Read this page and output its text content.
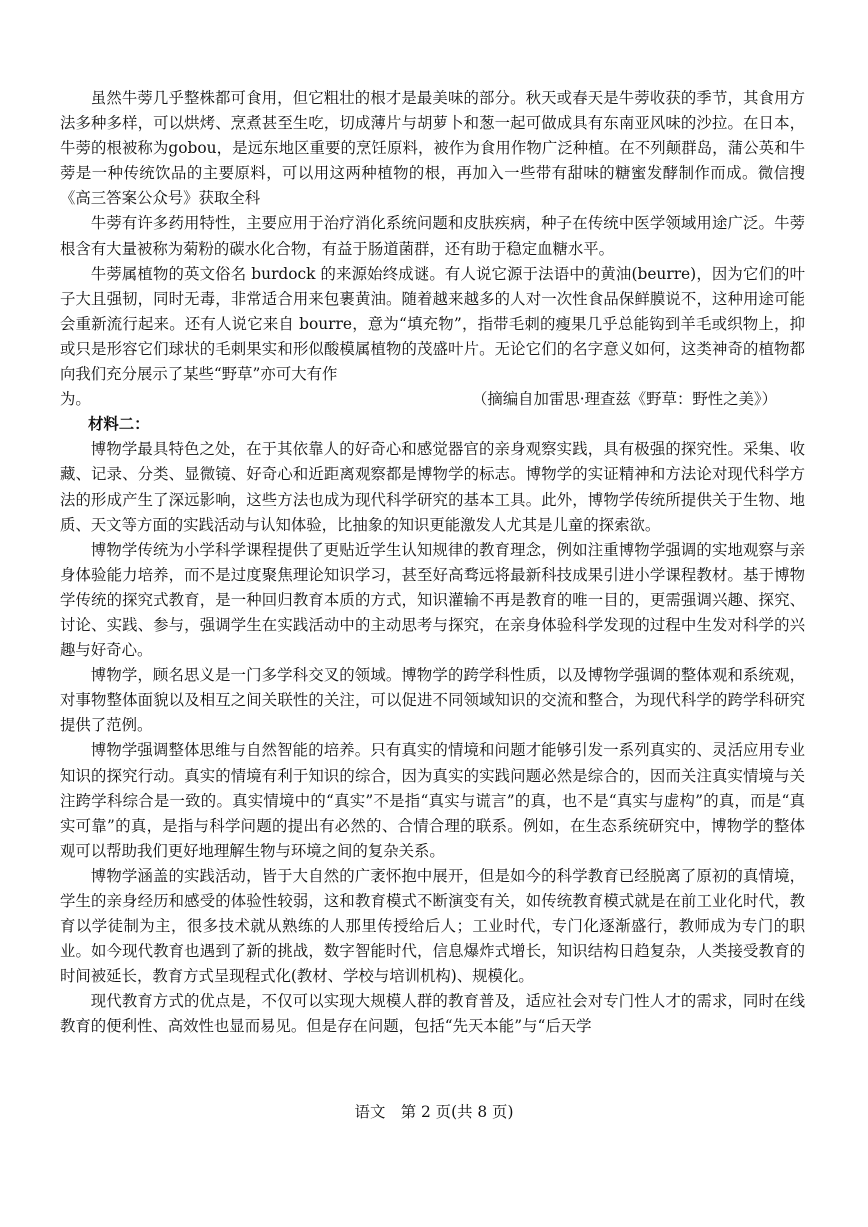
虽然牛蒡几乎整株都可食用，但它粗壮的根才是最美味的部分。秋天或春天是牛蒡收获的季节，其食用方法多种多样，可以烘烤、烹煮甚至生吃，切成薄片与胡萝卜和葱一起可做成具有东南亚风味的沙拉。在日本，牛蒡的根被称为gobou，是远东地区重要的烹饪原料，被作为食用作物广泛种植。在不列颠群岛，蒲公英和牛蒡是一种传统饮品的主要原料，可以用这两种植物的根，再加入一些带有甜味的糖蜜发酵制作而成。微信搜《高三答案公众号》获取全科

牛蒡有许多药用特性，主要应用于治疗消化系统问题和皮肤疾病，种子在传统中医学领域用途广泛。牛蒡根含有大量被称为菊粉的碳水化合物，有益于肠道菌群，还有助于稳定血糖水平。

牛蒡属植物的英文俗名 burdock 的来源始终成谜。有人说它源于法语中的黄油(beurre)，因为它们的叶子大且强韧，同时无毒，非常适合用来包裹黄油。随着越来越多的人对一次性食品保鲜膜说不，这种用途可能会重新流行起来。还有人说它来自 bourre，意为“填充物”，指带毛刺的瘦果几乎总能钩到羊毛或织物上，抑或只是形容它们球状的毛刺果实和形似酸模属植物的茂盛叶片。无论它们的名字意义如何，这类神奇的植物都向我们充分展示了某些“野草”亦可大有作

为。	（摘编自加雷思·理查兹《野草：野性之美》）

材料二：

博物学最具特色之处，在于其依靠人的好奇心和感觉器官的亲身观察实践，具有极强的探究性。采集、收藏、记录、分类、显微镜、好奇心和近距离观察都是博物学的标志。博物学的实证精神和方法论对现代科学方法的形成产生了深远影响，这些方法也成为现代科学研究的基本工具。此外，博物学传统所提供关于生物、地质、天文等方面的实践活动与认知体验，比抽象的知识更能激发人尤其是儿童的探索欲。

博物学传统为小学科学课程提供了更贴近学生认知规律的教育理念，例如注重博物学强调的实地观察与亲身体验能力培养，而不是过度聚焦理论知识学习，甚至好高骛远将最新科技成果引进小学课程教材。基于博物学传统的探究式教育，是一种回归教育本质的方式，知识灌输不再是教育的唯一目的，更需强调兴趣、探究、讨论、实践、参与，强调学生在实践活动中的主动思考与探究，在亲身体验科学发现的过程中生发对科学的兴趣与好奇心。

博物学，顾名思义是一门多学科交叉的领域。博物学的跨学科性质，以及博物学强调的整体观和系统观，对事物整体面貌以及相互之间关联性的关注，可以促进不同领域知识的交流和整合，为现代科学的跨学科研究提供了范例。

博物学强调整体思维与自然智能的培养。只有真实的情境和问题才能够引发一系列真实的、灵活应用专业知识的探究行动。真实的情境有利于知识的综合，因为真实的实践问题必然是综合的，因而关注真实情境与关注跨学科综合是一致的。真实情境中的“真实”不是指“真实与谎言”的真，也不是“真实与虚构”的真，而是“真实可靠”的真，是指与科学问题的提出有必然的、合情合理的联系。例如，在生态系统研究中，博物学的整体观可以帮助我们更好地理解生物与环境之间的复杂关系。

博物学涵盖的实践活动，皆于大自然的广袤怀抱中展开，但是如今的科学教育已经脱离了原初的真情境，学生的亲身经历和感受的体验性较弱，这和教育模式不断演变有关，如传统教育模式就是在前工业化时代，教育以学徒制为主，很多技术就从熟练的人那里传授给后人；工业时代，专门化逐渐盛行，教师成为专门的职业。如今现代教育也遇到了新的挑战，数字智能时代，信息爆炸式增长，知识结构日趋复杂，人类接受教育的时间被延长，教育方式呈现程式化(教材、学校与培训机构)、规模化。

现代教育方式的优点是，不仅可以实现大规模人群的教育普及，适应社会对专门性人才的需求，同时在线教育的便利性、高效性也显而易见。但是存在问题，包括“先天本能”与“后天学

语文　第 2 页(共 8 页)
